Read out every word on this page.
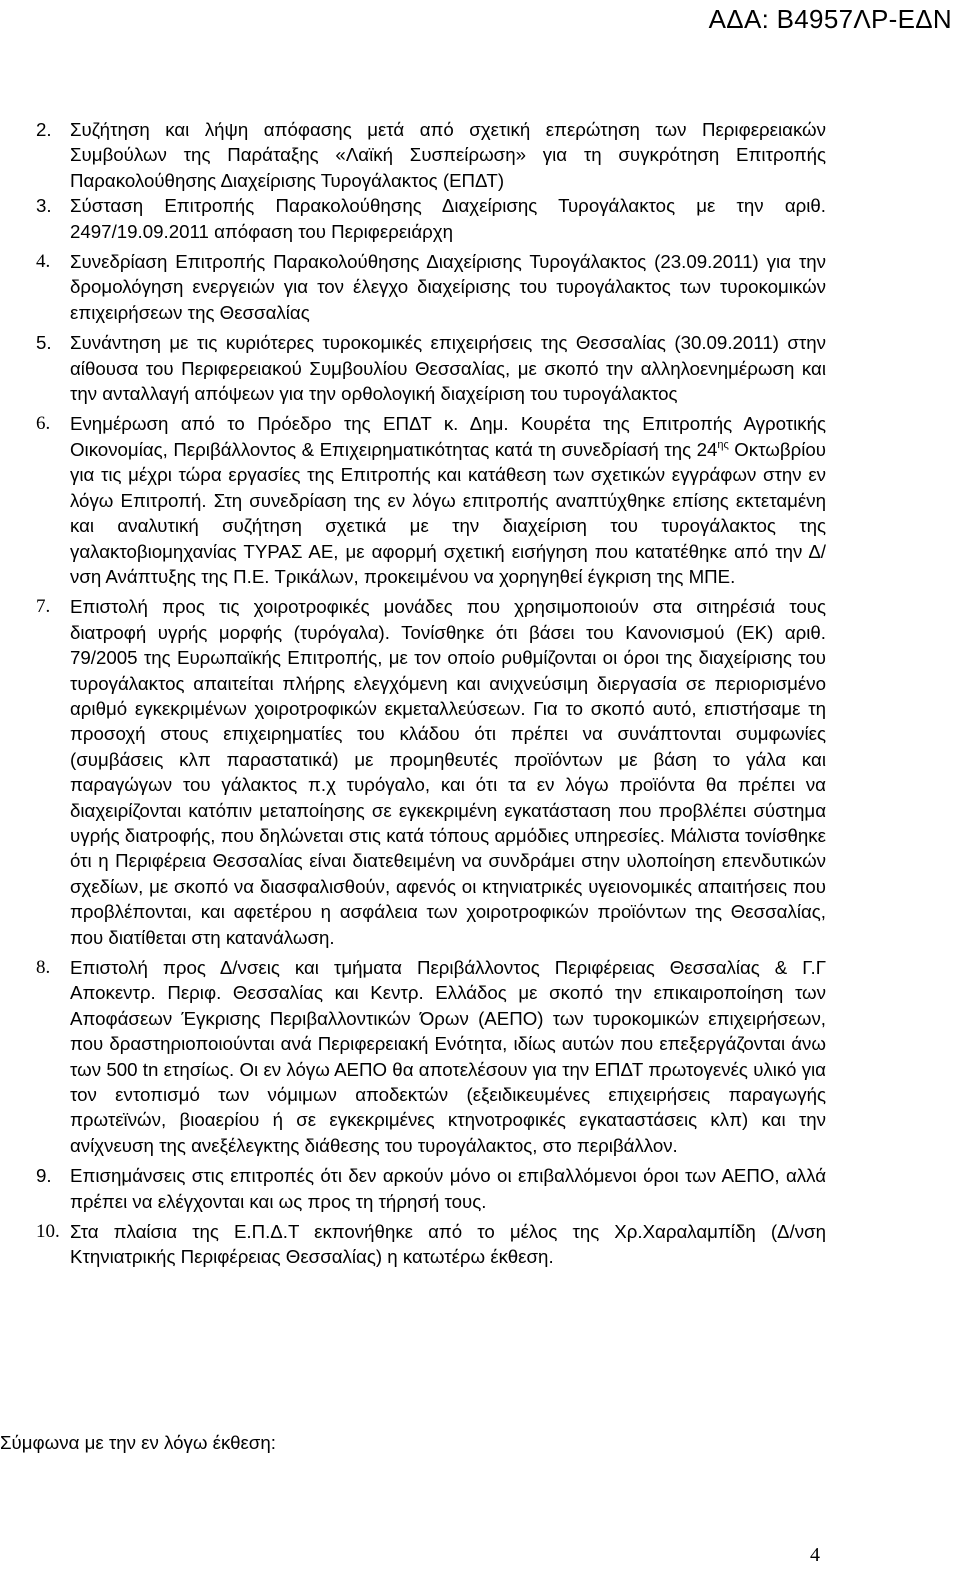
ΑΔΑ: Β4957ΛΡ-ΕΔΝ
2. Συζήτηση και λήψη απόφασης μετά από σχετική επερώτηση των Περιφερειακών Συμβούλων της Παράταξης «Λαϊκή Συσπείρωση» για τη συγκρότηση Επιτροπής Παρακολούθησης Διαχείρισης Τυρογάλακτος (ΕΠΔΤ)
3. Σύσταση Επιτροπής Παρακολούθησης Διαχείρισης Τυρογάλακτος με την αριθ. 2497/19.09.2011 απόφαση του Περιφερειάρχη
4. Συνεδρίαση Επιτροπής Παρακολούθησης Διαχείρισης Τυρογάλακτος (23.09.2011) για την δρομολόγηση ενεργειών για τον έλεγχο διαχείρισης του τυρογάλακτος των τυροκομικών επιχειρήσεων της Θεσσαλίας
5. Συνάντηση με τις κυριότερες τυροκομικές επιχειρήσεις της Θεσσαλίας (30.09.2011) στην αίθουσα του Περιφερειακού Συμβουλίου Θεσσαλίας, με σκοπό την αλληλοενημέρωση και την ανταλλαγή απόψεων για την ορθολογική διαχείριση του τυρογάλακτος
6. Ενημέρωση από το Πρόεδρο της ΕΠΔΤ κ. Δημ. Κουρέτα της Επιτροπής Αγροτικής Οικονομίας, Περιβάλλοντος & Επιχειρηματικότητας κατά τη συνεδρίασή της $24^{\eta\varsigma}$ Οκτωβρίου για τις μέχρι τώρα εργασίες της Επιτροπής και κατάθεση των σχετικών εγγράφων στην εν λόγω Επιτροπή. Στη συνεδρίαση της εν λόγω επιτροπής αναπτύχθηκε επίσης εκτεταμένη και αναλυτική συζήτηση σχετικά με την διαχείριση του τυρογάλακτος της γαλακτοβιομηχανίας ΤΥΡΑΣ ΑΕ, με αφορμή σχετική εισήγηση που κατατέθηκε από την Δ/νση Ανάπτυξης της Π.Ε. Τρικάλων, προκειμένου να χορηγηθεί έγκριση της ΜΠΕ.
7. Επιστολή προς τις χοιροτροφικές μονάδες που χρησιμοποιούν στα σιτηρέσιά τους διατροφή υγρής μορφής (τυρόγαλα). Τονίσθηκε ότι βάσει του Κανονισμού (ΕΚ) αριθ. 79/2005 της Ευρωπαϊκής Επιτροπής, με τον οποίο ρυθμίζονται οι όροι της διαχείρισης του τυρογάλακτος απαιτείται πλήρης ελεγχόμενη και ανιχνεύσιμη διεργασία σε περιορισμένο αριθμό εγκεκριμένων χοιροτροφικών εκμεταλλεύσεων. Για το σκοπό αυτό, επιστήσαμε τη προσοχή στους επιχειρηματίες του κλάδου ότι πρέπει να συνάπτονται συμφωνίες (συμβάσεις κλπ παραστατικά) με προμηθευτές προϊόντων με βάση το γάλα και παραγώγων του γάλακτος π.χ τυρόγαλο, και ότι τα εν λόγω προϊόντα θα πρέπει να διαχειρίζονται κατόπιν μεταποίησης σε εγκεκριμένη εγκατάσταση που προβλέπει σύστημα υγρής διατροφής, που δηλώνεται στις κατά τόπους αρμόδιες υπηρεσίες. Μάλιστα τονίσθηκε ότι η Περιφέρεια Θεσσαλίας είναι διατεθειμένη να συνδράμει στην υλοποίηση επενδυτικών σχεδίων, με σκοπό να διασφαλισθούν, αφενός οι κτηνιατρικές υγειονομικές απαιτήσεις που προβλέπονται, και αφετέρου η ασφάλεια των χοιροτροφικών προϊόντων της Θεσσαλίας, που διατίθεται στη κατανάλωση.
8. Επιστολή προς Δ/νσεις και τμήματα Περιβάλλοντος Περιφέρειας Θεσσαλίας & Γ.Γ Αποκεντρ. Περιφ. Θεσσαλίας και Κεντρ. Ελλάδος με σκοπό την επικαιροποίηση των Αποφάσεων Έγκρισης Περιβαλλοντικών Όρων (ΑΕΠΟ) των τυροκομικών επιχειρήσεων, που δραστηριοποιούνται ανά Περιφερειακή Ενότητα, ιδίως αυτών που επεξεργάζονται άνω των 500 tn ετησίως. Οι εν λόγω ΑΕΠΟ θα αποτελέσουν για την ΕΠΔΤ πρωτογενές υλικό για τον εντοπισμό των νόμιμων αποδεκτών (εξειδικευμένες επιχειρήσεις παραγωγής πρωτεϊνών, βιοαερίου ή σε εγκεκριμένες κτηνοτροφικές εγκαταστάσεις κλπ) και την ανίχνευση της ανεξέλεγκτης διάθεσης του τυρογάλακτος, στο περιβάλλον.
9. Επισημάνσεις στις επιτροπές ότι δεν αρκούν μόνο οι επιβαλλόμενοι όροι των ΑΕΠΟ, αλλά πρέπει να ελέγχονται και ως προς τη τήρησή τους.
10. Στα πλαίσια της Ε.Π.Δ.Τ εκπονήθηκε από το μέλος της Χρ.Χαραλαμπίδη (Δ/νση Κτηνιατρικής Περιφέρειας Θεσσαλίας) η κατωτέρω έκθεση.
Σύμφωνα με την εν λόγω έκθεση:
4
